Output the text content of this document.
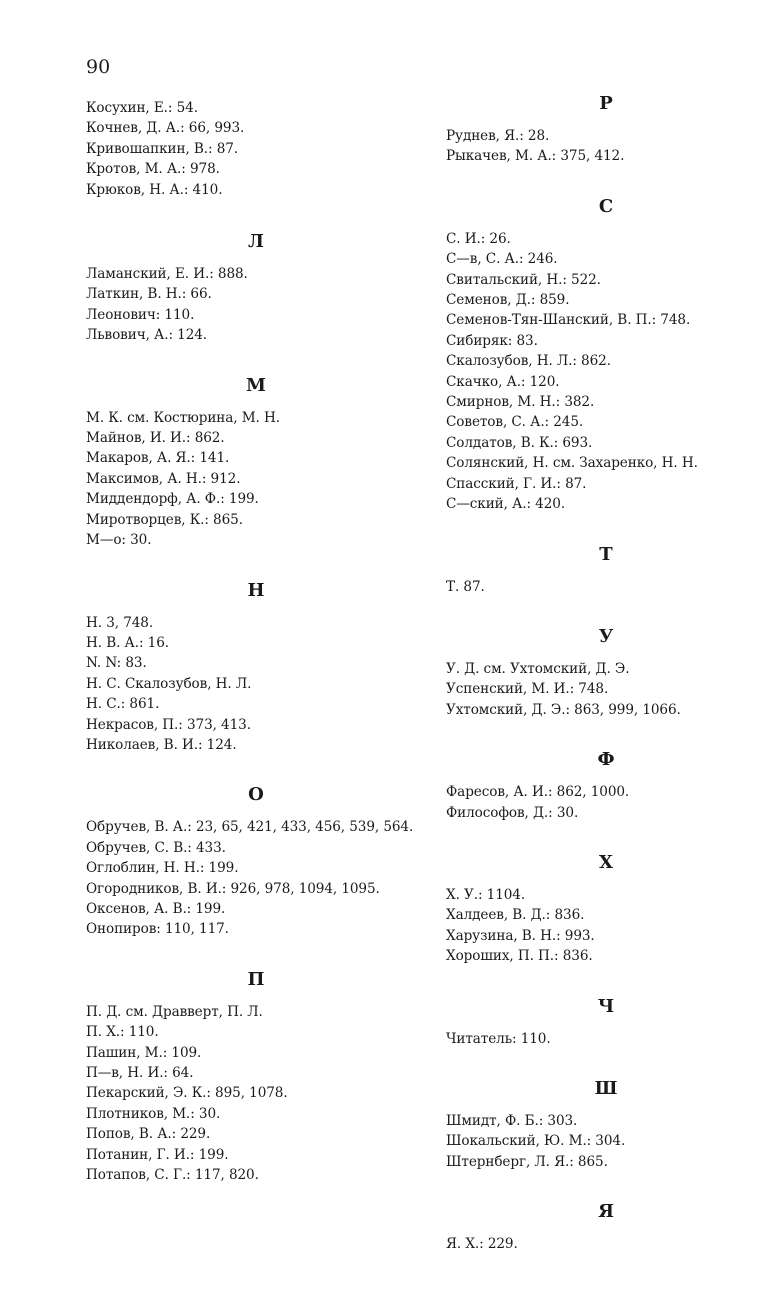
90
Косухин, Е.: 54.
Кочнев, Д. А.: 66, 993.
Кривошапкин, В.: 87.
Кротов, М. А.: 978.
Крюков, Н. А.: 410.
Л
Ламанский, Е. И.: 888.
Латкин, В. Н.: 66.
Леонович: 110.
Львович, А.: 124.
М
М. К. см. Костюрина, М. Н.
Майнов, И. И.: 862.
Макаров, А. Я.: 141.
Максимов, А. Н.: 912.
Миддендорф, А. Ф.: 199.
Миротворцев, К.: 865.
М—о: 30.
Н
Н. 3, 748.
Н. В. А.: 16.
N. N: 83.
Н. С. Скалозубов, Н. Л.
Н. С.: 861.
Некрасов, П.: 373, 413.
Николаев, В. И.: 124.
О
Обручев, В. А.: 23, 65, 421, 433, 456, 539, 564.
Обручев, С. В.: 433.
Оглоблин, Н. Н.: 199.
Огородников, В. И.: 926, 978, 1094, 1095.
Оксенов, А. В.: 199.
Онопиров: 110, 117.
П
П. Д. см. Дравверт, П. Л.
П. Х.: 110.
Пашин, М.: 109.
П—в, Н. И.: 64.
Пекарский, Э. К.: 895, 1078.
Плотников, М.: 30.
Попов, В. А.: 229.
Потанин, Г. И.: 199.
Потапов, С. Г.: 117, 820.
Р
Руднев, Я.: 28.
Рыкачев, М. А.: 375, 412.
С
С. И.: 26.
С—в, С. А.: 246.
Свитальский, Н.: 522.
Семенов, Д.: 859.
Семенов-Тян-Шанский, В. П.: 748.
Сибиряк: 83.
Скалозубов, Н. Л.: 862.
Скачко, А.: 120.
Смирнов, М. Н.: 382.
Советов, С. А.: 245.
Солдатов, В. К.: 693.
Солянский, Н. см. Захаренко, Н. Н.
Спасский, Г. И.: 87.
С—ский, А.: 420.
Т
Т. 87.
У
У. Д. см. Ухтомский, Д. Э.
Успенский, М. И.: 748.
Ухтомский, Д. Э.: 863, 999, 1066.
Ф
Фаресов, А. И.: 862, 1000.
Философов, Д.: 30.
Х
Х. У.: 1104.
Халдеев, В. Д.: 836.
Харузина, В. Н.: 993.
Хороших, П. П.: 836.
Ч
Читатель: 110.
Ш
Шмидт, Ф. Б.: 303.
Шокальский, Ю. М.: 304.
Штернберг, Л. Я.: 865.
Я
Я. Х.: 229.
